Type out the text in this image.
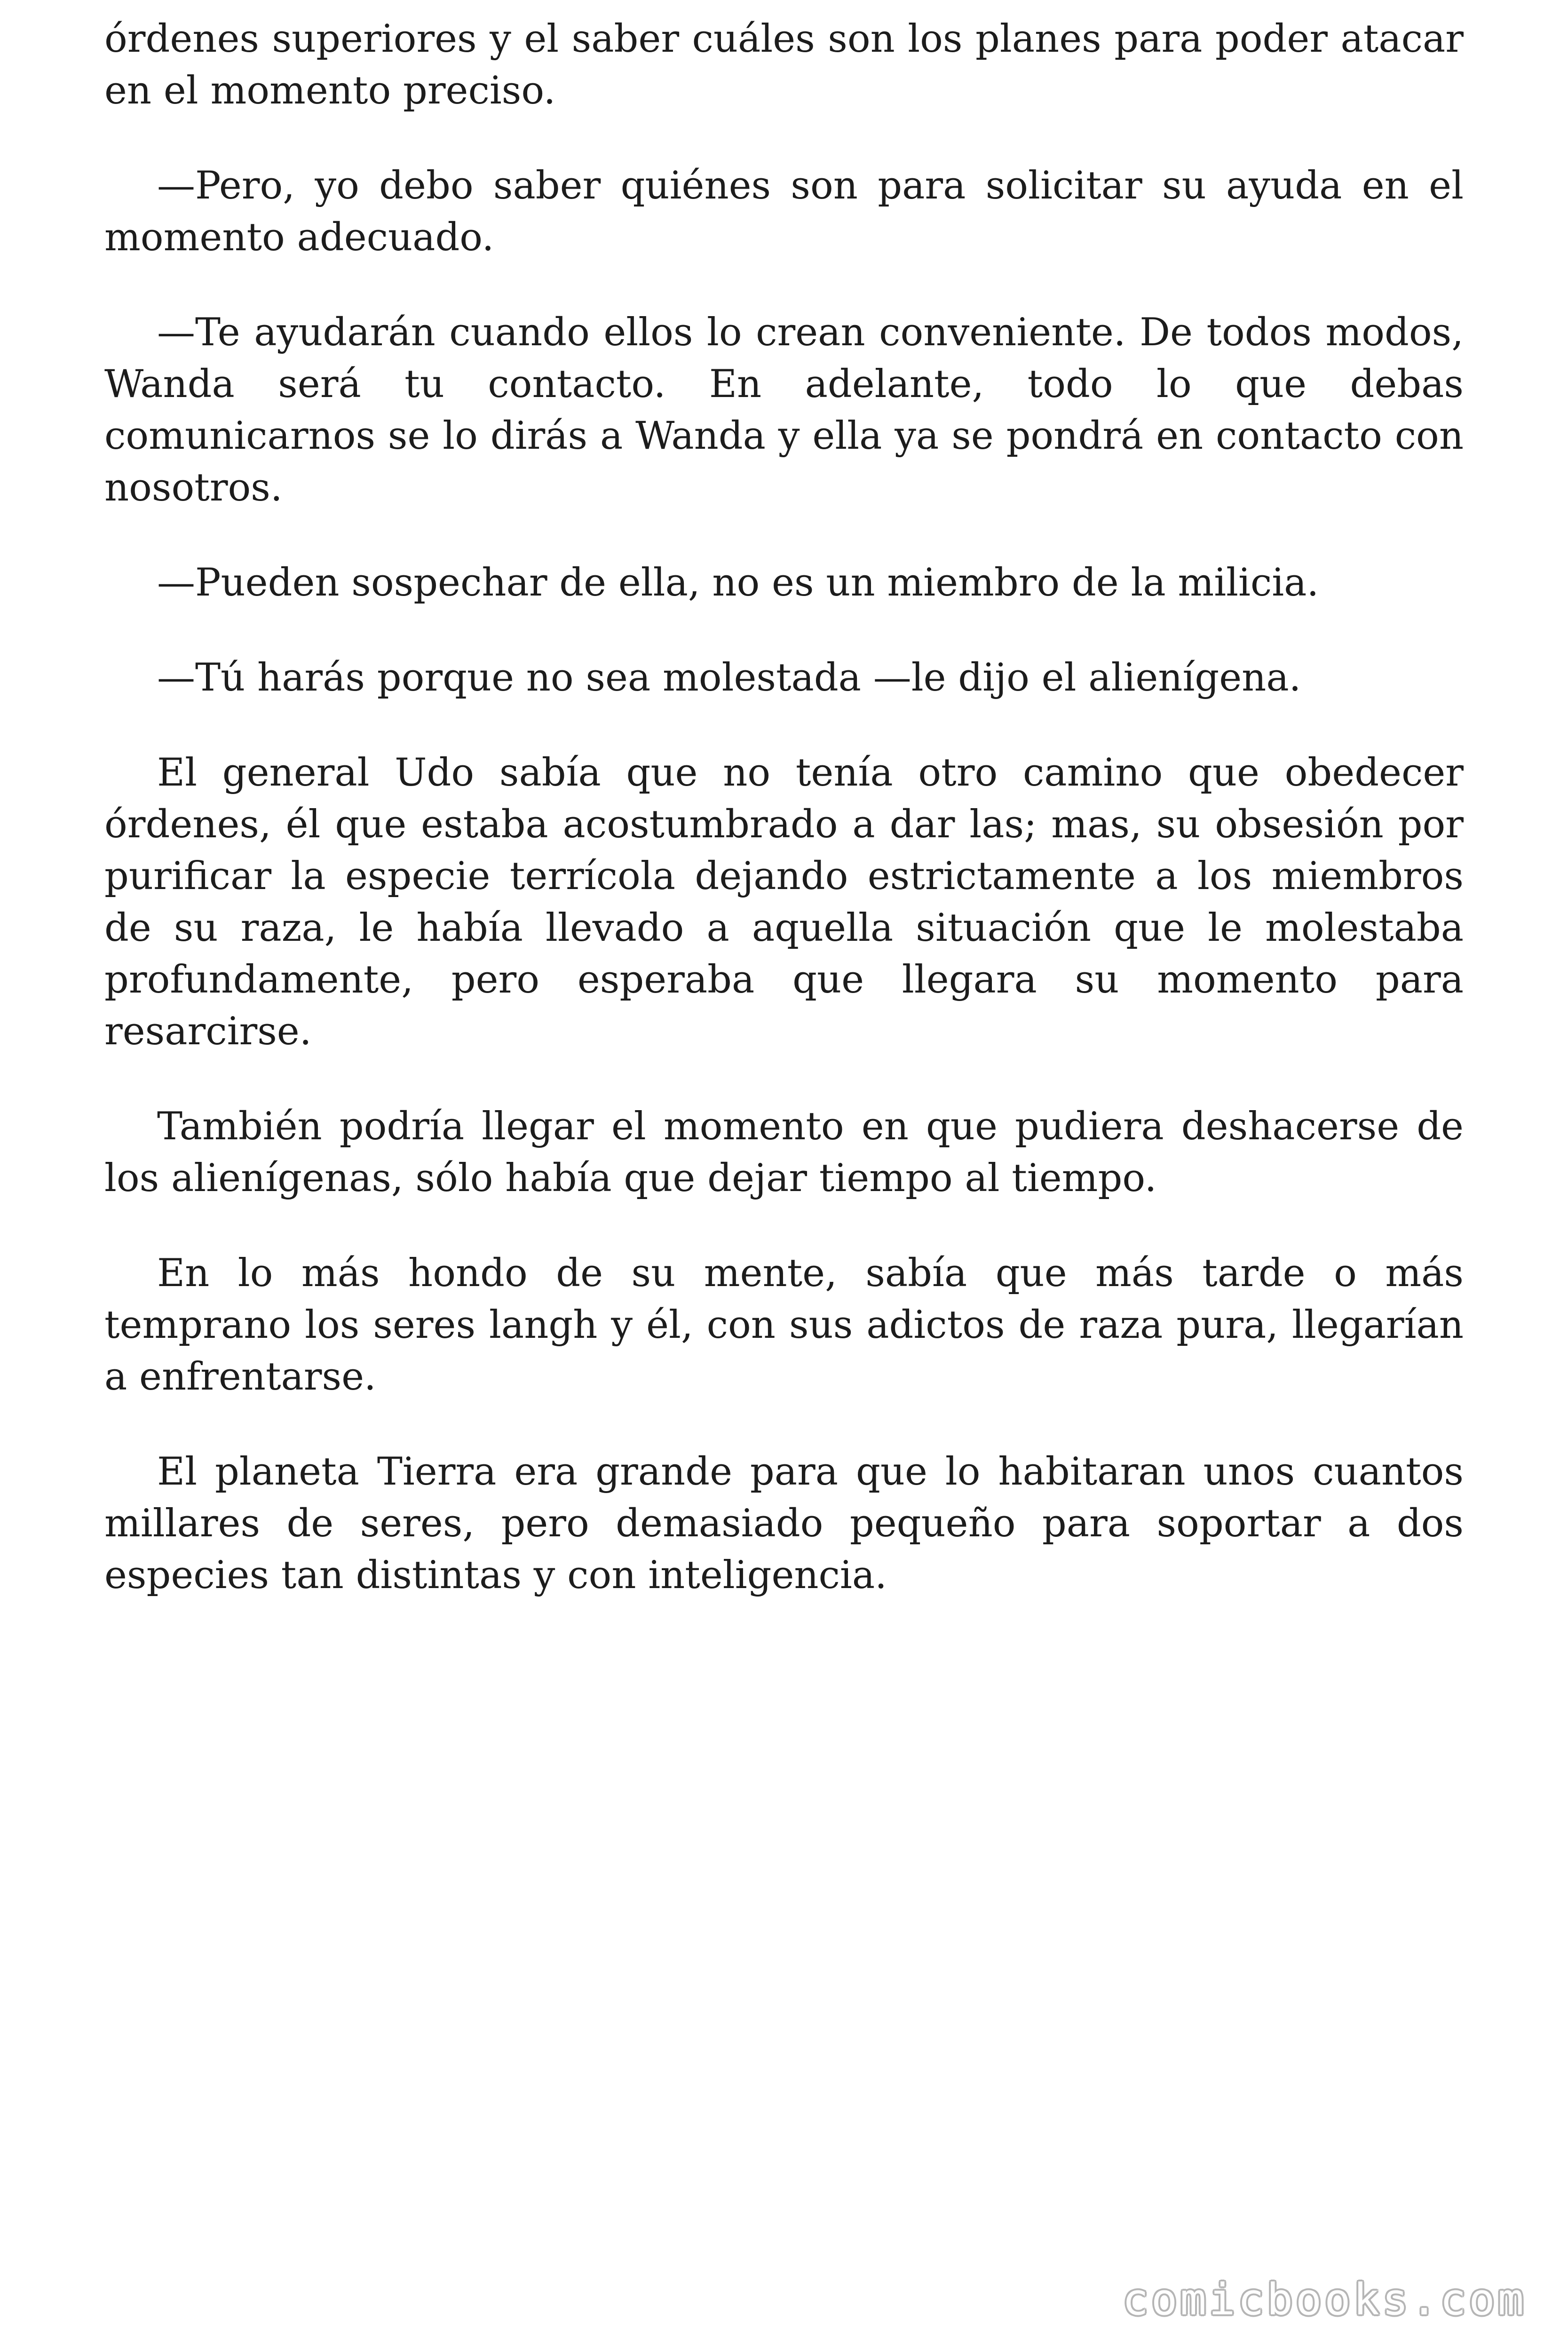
órdenes superiores y el saber cuáles son los planes para poder atacar en el momento preciso.

—Pero, yo debo saber quiénes son para solicitar su ayuda en el momento adecuado.

—Te ayudarán cuando ellos lo crean conveniente. De todos modos, Wanda será tu contacto. En adelante, todo lo que debas comunicarnos se lo dirás a Wanda y ella ya se pondrá en contacto con nosotros.

—Pueden sospechar de ella, no es un miembro de la milicia.

—Tú harás porque no sea molestada —le dijo el alienígena.

El general Udo sabía que no tenía otro camino que obedecer órdenes, él que estaba acostumbrado a dar las; mas, su obsesión por purificar la especie terrícola dejando estrictamente a los miembros de su raza, le había llevado a aquella situación que le molestaba profundamente, pero esperaba que llegara su momento para resarcirse.

También podría llegar el momento en que pudiera deshacerse de los alienígenas, sólo había que dejar tiempo al tiempo.

En lo más hondo de su mente, sabía que más tarde o más temprano los seres langh y él, con sus adictos de raza pura, llegarían a enfrentarse.

El planeta Tierra era grande para que lo habitaran unos cuantos millares de seres, pero demasiado pequeño para soportar a dos especies tan distintas y con inteligencia.

comicbooks.com
